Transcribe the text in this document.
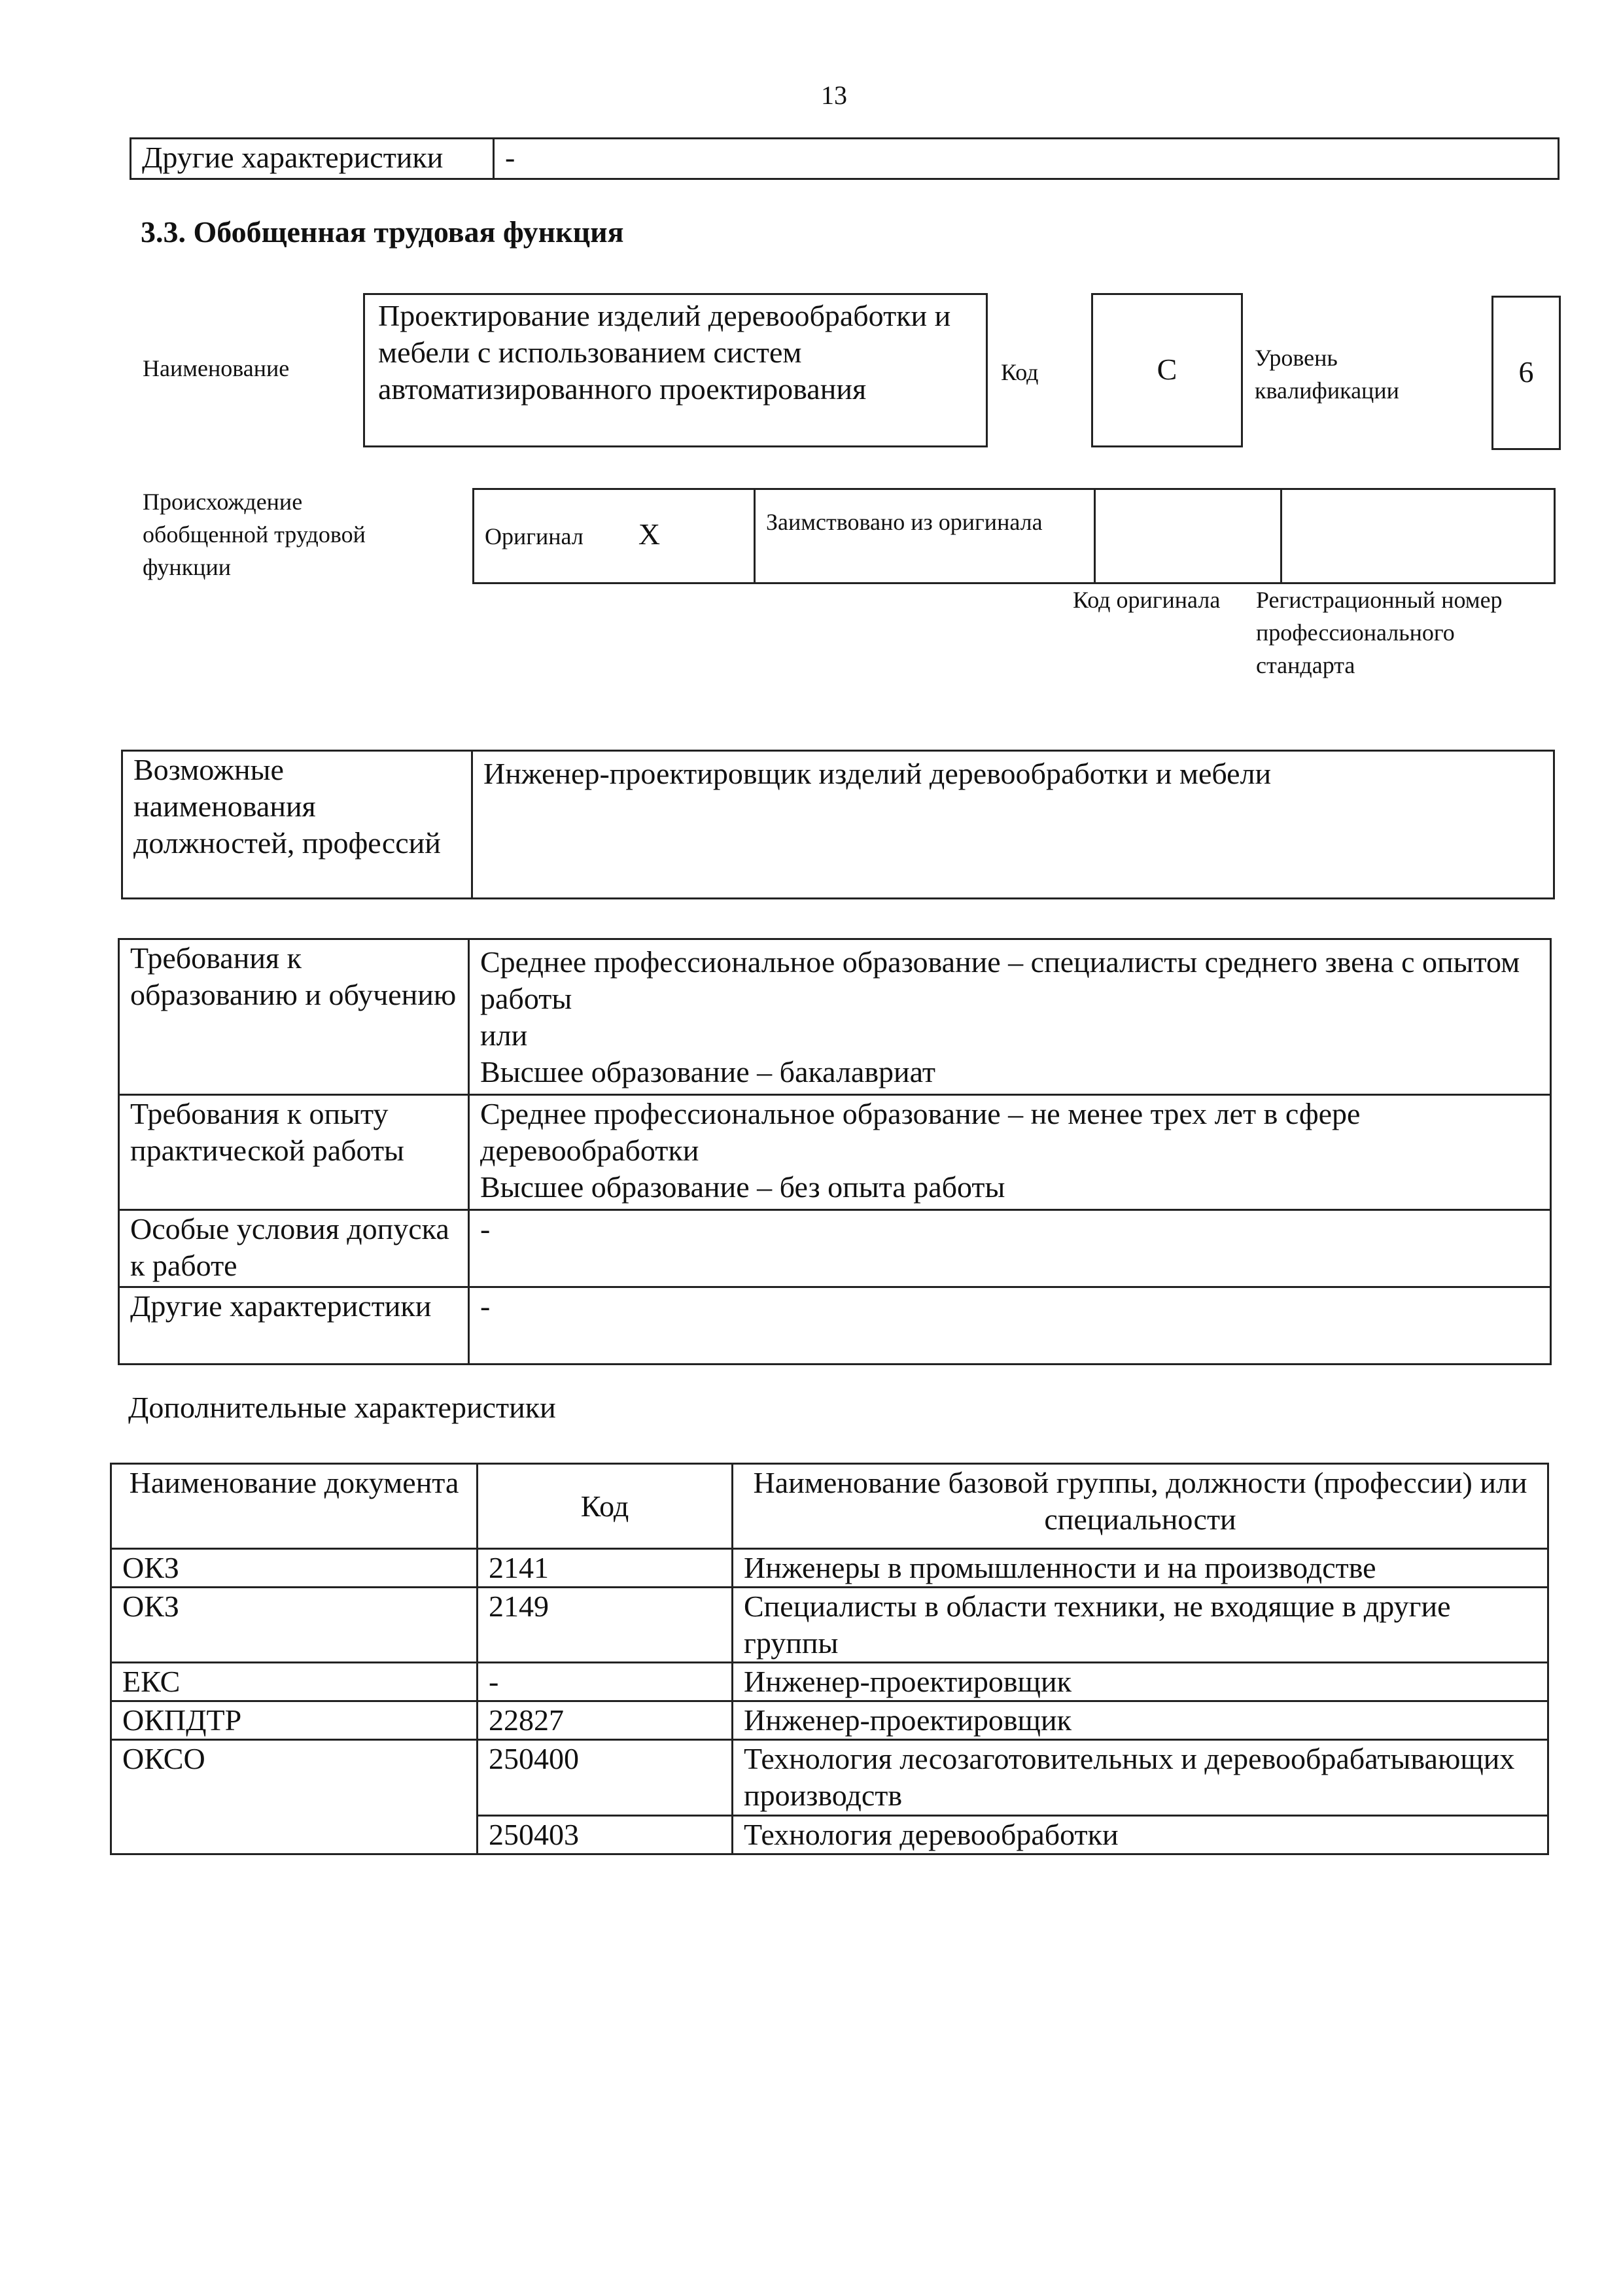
13
Другие характеристики	-
3.3. Обобщенная трудовая функция
Наименование
Проектирование изделий деревообработки и мебели с использованием систем автоматизированного проектирования	Код	C	Уровень квалификации
6
Происхождение обобщенной трудовой функции
Оригинал X	Заимствовано из оригинала		
Код оригинала Регистрационный номер профессионального стандарта
Возможные наименования должностей, профессий	Инженер-проектировщик изделий деревообработки и мебели
Требования к образованию и обучению	Среднее профессиональное образование – специалисты среднего звена с опытом работы
или
Высшее образование – бакалавриат

Требования к опыту практической работы	Среднее профессиональное образование – не менее трех лет в сфере деревообработки
Высшее образование – без опыта работы

Особые условия допуска к работе	-
Другие характеристики	-
Дополнительные характеристики
Наименование документа	Код	Наименование базовой группы, должности (профессии) или специальности
ОКЗ	2141	Инженеры в промышленности и на производстве
ОКЗ	2149	Специалисты в области техники, не входящие в другие группы
ЕКС	-	Инженер-проектировщик
ОКПДТР	22827	Инженер-проектировщик
ОКСО	250400	Технология лесозаготовительных и деревообрабатывающих производств
	250403	Технология деревообработки
